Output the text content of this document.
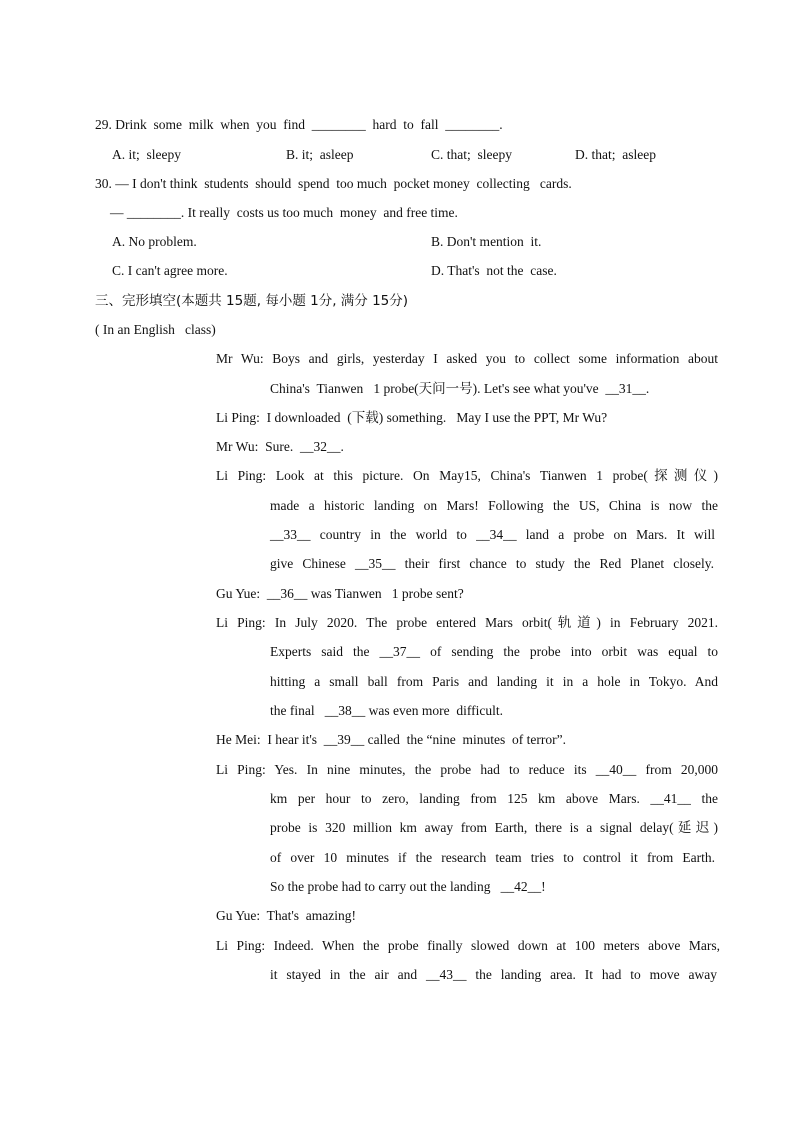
29. Drink  some  milk  when  you  find  ________  hard  to  fall  ________.
A. it;  sleepy	B. it;  asleep	C. that;  sleepy	D. that;  asleep
30. — I don't think  students  should  spend  too much  pocket money  collecting   cards.
— ________. It really  costs us too much  money  and free time.
A. No problem.	B. Don't mention  it.
C. I can't agree more.	D. That's  not the  case.
三、完形填空(本题共 15题, 每小题 1分, 满分 15分)
( In an English   class)
Mr Wu: Boys and girls, yesterday I asked you to collect some information about
China's  Tianwen   1 probe(天问一号). Let's see what you've  __31__.
Li Ping:  I downloaded  (下载) something.   May I use the PPT, Mr Wu?
Mr Wu:  Sure.  __32__.
Li Ping: Look at this picture. On May15, China's Tianwen 1 probe(探测仪)
made a historic landing on Mars! Following the US, China is now the
__33__ country in the world to __34__ land a probe on Mars. It will
give Chinese __35__ their first chance to study the Red Planet closely.
Gu Yue:  __36__ was Tianwen   1 probe sent?
Li Ping: In July 2020. The probe entered Mars orbit(轨道) in February 2021.
Experts said the __37__ of sending the probe into orbit was equal to
hitting a small ball from Paris and landing it in a hole in Tokyo. And
the final   __38__ was even more  difficult.
He Mei:  I hear it's  __39__ called  the “nine  minutes  of terror”.
Li Ping: Yes. In nine minutes, the probe had to reduce its __40__ from 20,000
km per hour to zero, landing from 125 km above Mars. __41__ the
probe is 320 million km away from Earth, there is a signal delay(延迟)
of over 10 minutes if the research team tries to control it from Earth.
So the probe had to carry out the landing   __42__!
Gu Yue:  That's  amazing!
Li Ping: Indeed. When the probe finally slowed down at 100 meters above Mars,
it stayed in the air and __43__ the landing area. It had to move away
